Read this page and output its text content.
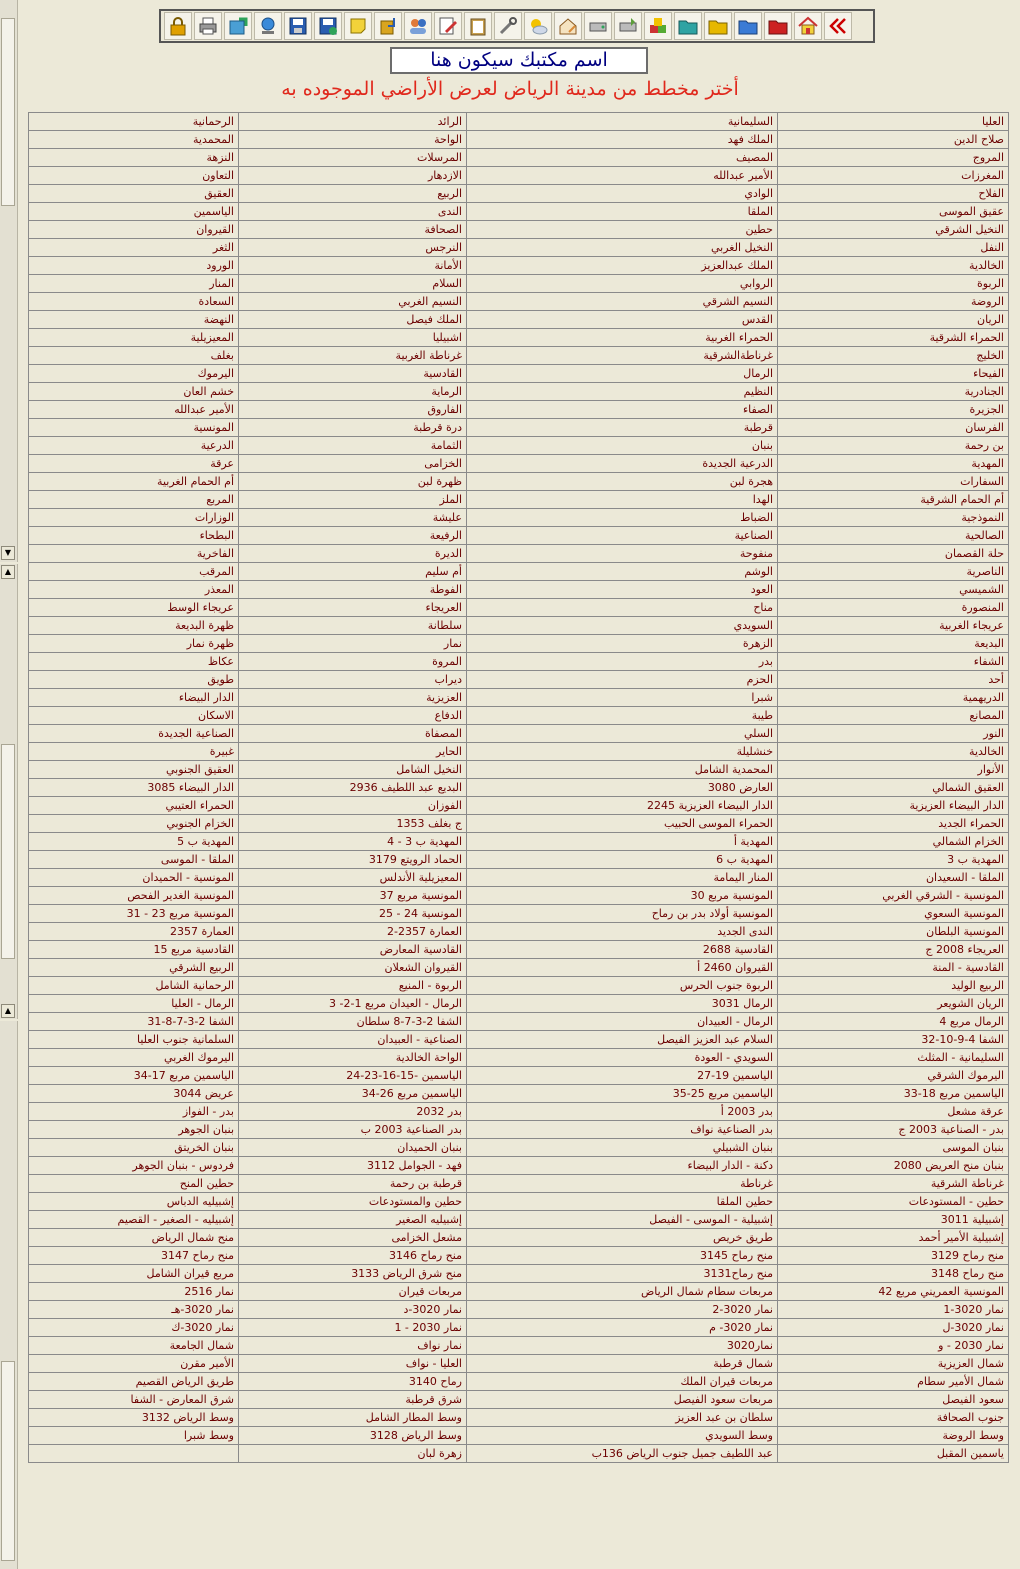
▼
▲
▲
اسم مكتبك سيكون هنا
أختر مخطط من مدينة الرياض لعرض الأراضي الموجوده به
الرحمانية	الرائد	السليمانية	العليا
المحمدية	الواحة	الملك فهد	صلاح الدين
النزهة	المرسلات	المصيف	المروج
التعاون	الازدهار	الأمير عبدالله	المغرزات
العقيق	الربيع	الوادي	الفلاح
الياسمين	الندى	الملقا	عقيق الموسى
القيروان	الصحافة	حطين	النخيل الشرقي
الثغر	النرجس	النخيل الغربي	النفل
الورود	الأمانة	الملك عبدالعزيز	الخالدية
المنار	السلام	الروابي	الربوة
السعادة	النسيم الغربي	النسيم الشرقي	الروضة
النهضة	الملك فيصل	القدس	الريان
المعيزيلية	اشبيليا	الحمراء الغربية	الحمراء الشرقية
بغلف	غرناطة الغربية	غرناطةالشرقية	الخليج
اليرموك	القادسية	الرمال	الفيحاء
خشم العان	الرماية	النظيم	الجنادرية
الأمير عبدالله	الفاروق	الصفاء	الجزيرة
المونسية	درة قرطبة	قرطبة	الفرسان
الدرعية	الثمامة	بنبان	بن رحمة
عرقة	الخزامى	الدرعية الجديدة	المهدية
أم الحمام الغربية	ظهرة لبن	هجرة لبن	السفارات
المربع	الملز	الهدا	أم الحمام الشرقية
الوزارات	عليشة	الضباط	النموذجية
البطحاء	الرفيعة	الصناعية	الصالحية
الفاخرية	الديرة	منفوحة	حلة القصمان
المرقب	أم سليم	الوشم	الناصرية
المعذر	الفوطة	العود	الشميسي
عريجاء الوسط	العريجاء	مناح	المنصورة
ظهرة البديعة	سلطانة	السويدي	عريجاء الغربية
ظهرة نمار	نمار	الزهرة	البديعة
عكاظ	المروة	بدر	الشفاء
طويق	ديراب	الحزم	أحد
الدار البيضاء	العزيزية	شبرا	الدريهمية
الاسكان	الدفاع	طيبة	المصانع
الصناعية الجديدة	المصفاة	السلي	النور
غبيرة	الحاير	خنشليلة	الخالدية
العقيق الجنوبي	النخيل الشامل	المحمدية الشامل	الأنوار
الدار البيضاء 3085	البديع عبد اللطيف 2936	العارض 3080	العقيق الشمالي
الحمراء العتيبي	الفوزان	الدار البيضاء العزيزية 2245	الدار البيضاء العزيزية
الخزام الجنوبي	1353 ج بغلف	الحمراء الموسى الحبيب	الحمراء الجديد
المهدية ب 5	المهدية ب 3 - 4	المهدية أ	الخزام الشمالي
الملقا - الموسى	3179 الحماد الرويتع	المهدية ب 6	المهدية ب 3
المونسية - الحميدان	المعيزيلية الأندلس	المنار اليمامة	الملقا - السعيدان
المونسية الغدير الفحص	المونسية مربع 37	المونسية مربع 30	المونسية - الشرقي الغربي
المونسية مربع 23 - 31	المونسية 24 - 25	المونسية أولاد بدر بن رماح	المونسية السعوي
العمارة 2357	العمارة 2357-2	الندى الجديد	المونسية البلطان
القادسية مربع 15	القادسية المعارض	القادسية 2688	العريجاء 2008 ج
الربيع الشرقي	القيروان الشعلان	القيروان 2460 أ	القادسية - المنة
الرحمانية الشامل	الربوة - المنيع	الربوة جنوب الحرس	الربيع الوليد
الرمال - العليا	الرمال - العيدان مربع 1-2- 3	الرمال 3031	الريان الشويعر
الشفا 2-3-7-8-31	الشفا 2-3-7-8 سلطان	الرمال - العبيدان	الرمال مربع 4
السلمانية جنوب العليا	الصناعية - العبيدان	السلام عبد العزيز الفيصل	الشفا 4-9-10-32
اليرموك الغربي	الواحة الخالدية	السويدي - العودة	السليمانية - المثلث
الياسمين مربع 17-34	الياسمين -15-16-23-24	الياسمين 19-27	اليرموك الشرقي
عريض 3044	الياسمين مربع 26-34	الياسمين مربع 25-35	الياسمين مربع 18-33
بدر - الفواز	بدر 2032	بدر 2003 أ	عرقة مشعل
بنبان الجوهر	بدر الصناعية 2003 ب	بدر الصناعية نواف	بدر - الصناعية 2003 ج
بنبان الخريتق	بنبان الحميدان	بنبان الشبيلي	بنبان الموسى
فردوس - بنبان الجوهر	فهد - الجوامل 3112	دكنة - الدار البيضاء	بنبان منح العريض 2080
حطين المنح	قرطبة بن رحمة	غرناطة	غرناطة الشرقية
إشبيليه الدباس	حطين والمستودعات	حطين الملقا	حطين - المستودعات
إشبيليه - الصغير - القصيم	إشبيليه الصغير	إشبيلية - الموسى - الفيصل	إشبيلية 3011
منح شمال الرياض	مشعل الخزامى	طريق خريص	إشبيلية الأمير أحمد
منح رماح 3147	منح رماح 3146	منح رماح 3145	منح رماح 3129
مربع قيران الشامل	منح شرق الرياض 3133	منح رماح3131	منح رماح 3148
نمار 2516	مربعات قيران	مربعات سطام شمال الرياض	المونسية العمريني مربع 42
نمار 3020-هـ	نمار 3020-د	نمار 3020-2	نمار 3020-1
نمار 3020-ك	نمار 2030 - 1	نمار 3020- م	نمار 3020-ل
شمال الجامعة	نمار نواف	نمار3020	نمار 2030 - و
الأمير مقرن	العليا - نواف	شمال قرطبة	شمال العزيزية
طريق الرياض القصيم	رماح 3140	مربعات قيران الملك	شمال الأمير سطام
شرق المعارض - الشفا	شرق قرطبة	مربعات سعود الفيصل	سعود الفيصل
وسط الرياض 3132	وسط المطار الشامل	سلطان بن عبد العزيز	جنوب الصحافة
وسط شبرا	وسط الرياض 3128	وسط السويدي	وسط الروضة
	زهرة لبان	عبد اللطيف جميل جنوب الرياض 136ب	ياسمين المقبل
